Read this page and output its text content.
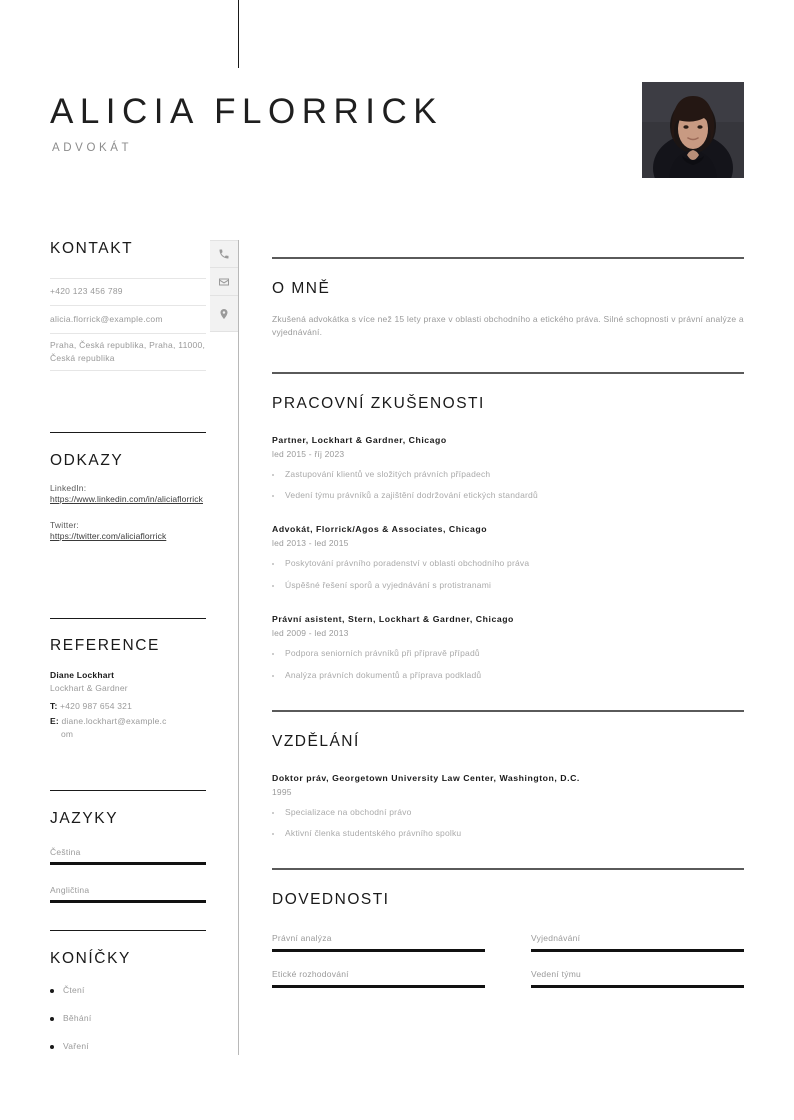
ALICIA FLORRICK
ADVOKÁT
KONTAKT
+420 123 456 789
alicia.florrick@example.com
Praha, Česká republika, Praha, 11000, Česká republika
ODKAZY
LinkedIn:
https://www.linkedin.com/in/aliciaflorrick
Twitter:
https://twitter.com/aliciaflorrick
REFERENCE
Diane Lockhart
Lockhart & Gardner
T: +420 987 654 321
E: diane.lockhart@example.c
om
JAZYKY
Čeština
Angličtina
KONÍČKY
Čtení
Běhání
Vaření
O MNĚ
Zkušená advokátka s více než 15 lety praxe v oblasti obchodního a etického práva. Silné schopnosti v právní analýze a vyjednávání.
PRACOVNÍ ZKUŠENOSTI
Partner, Lockhart & Gardner, Chicago
led 2015 - říj 2023
Zastupování klientů ve složitých právních případech
Vedení týmu právníků a zajištění dodržování etických standardů
Advokát, Florrick/Agos & Associates, Chicago
led 2013 - led 2015
Poskytování právního poradenství v oblasti obchodního práva
Úspěšné řešení sporů a vyjednávání s protistranami
Právní asistent, Stern, Lockhart & Gardner, Chicago
led 2009 - led 2013
Podpora seniorních právníků při přípravě případů
Analýza právních dokumentů a příprava podkladů
VZDĚLÁNÍ
Doktor práv, Georgetown University Law Center, Washington, D.C.
1995
Specializace na obchodní právo
Aktivní členka studentského právního spolku
DOVEDNOSTI
Právní analýza	Vyjednávání
Etické rozhodování	Vedení týmu
